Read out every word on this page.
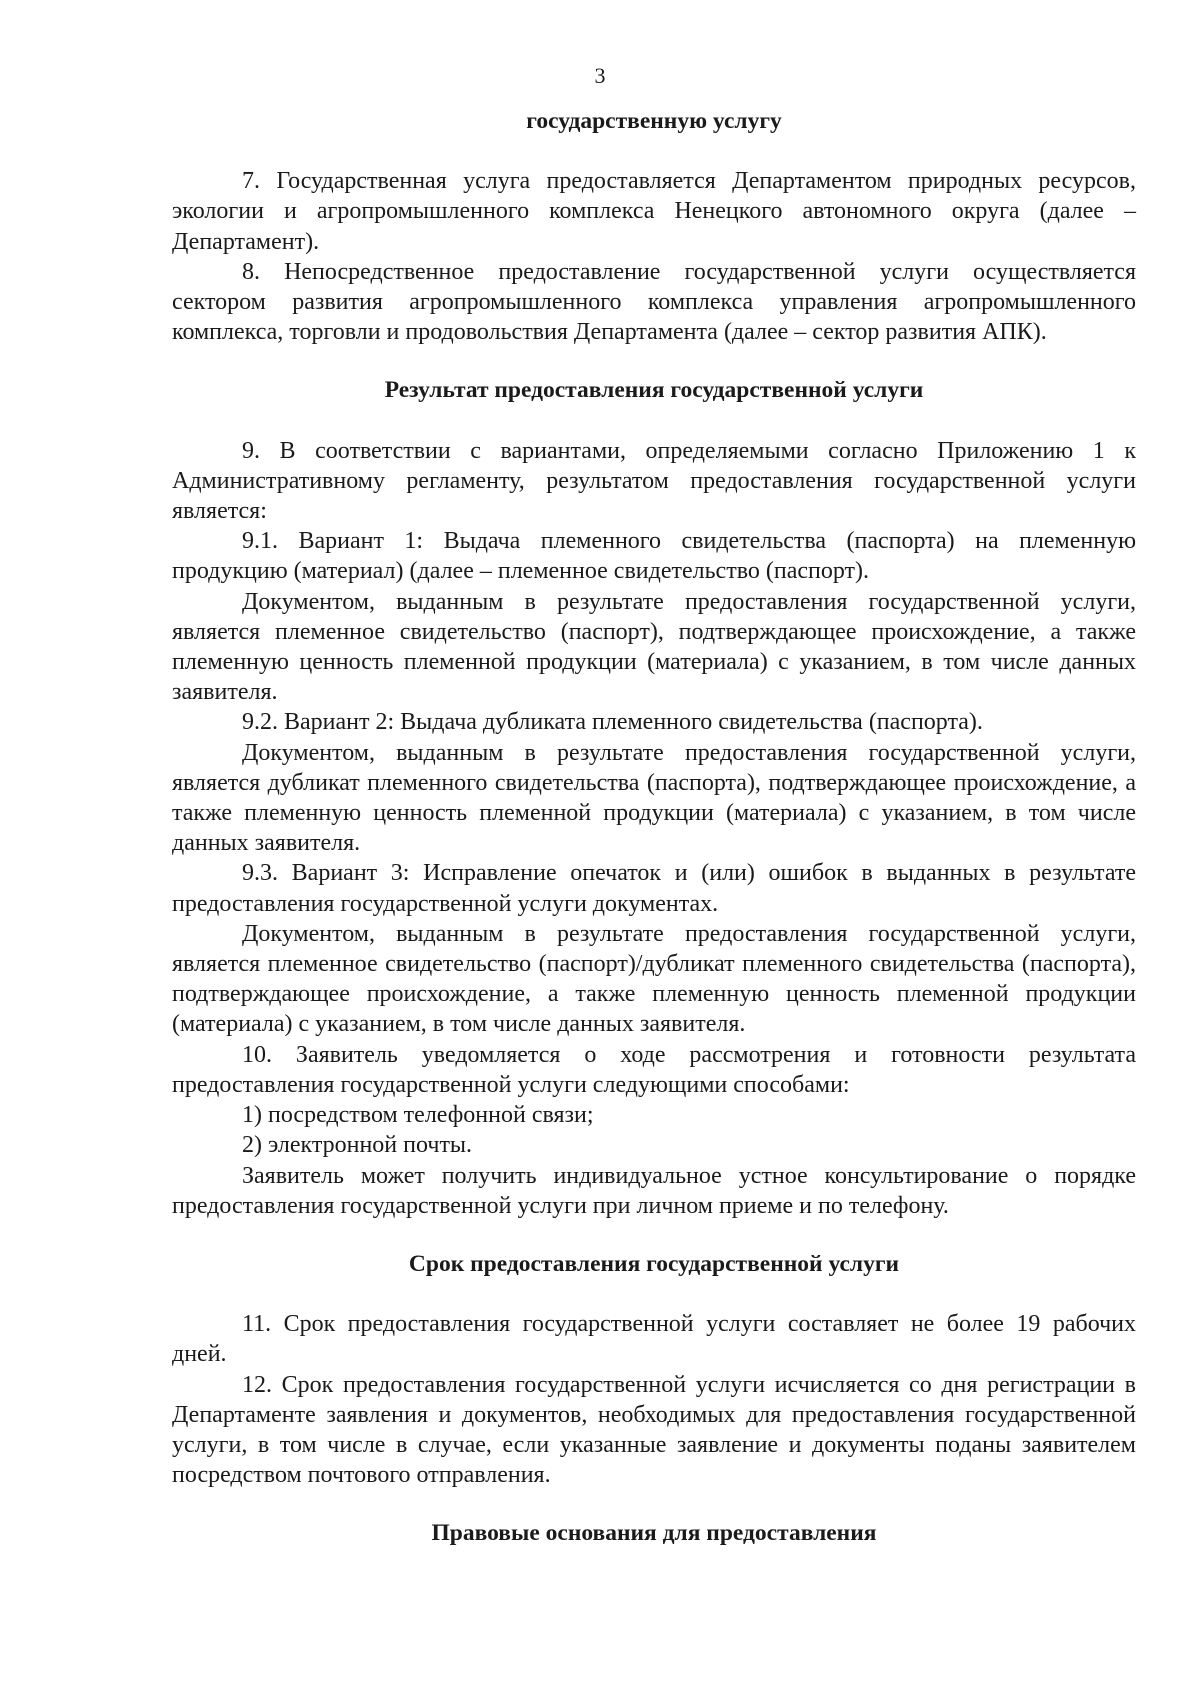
3

государственную услугу

7. Государственная услуга предоставляется Департаментом природных ресурсов, экологии и агропромышленного комплекса Ненецкого автономного округа (далее – Департамент).

8. Непосредственное предоставление государственной услуги осуществляется сектором развития агропромышленного комплекса управления агропромышленного комплекса, торговли и продовольствия Департамента (далее – сектор развития АПК).

Результат предоставления государственной услуги

9. В соответствии с вариантами, определяемыми согласно Приложению 1 к Административному регламенту, результатом предоставления государственной услуги является:

9.1. Вариант 1: Выдача племенного свидетельства (паспорта) на племенную продукцию (материал) (далее – племенное свидетельство (паспорт).

Документом, выданным в результате предоставления государственной услуги, является племенное свидетельство (паспорт), подтверждающее происхождение, а также племенную ценность племенной продукции (материала) с указанием, в том числе данных заявителя.

9.2. Вариант 2: Выдача дубликата племенного свидетельства (паспорта).

Документом, выданным в результате предоставления государственной услуги, является дубликат племенного свидетельства (паспорта), подтверждающее происхождение, а также племенную ценность племенной продукции (материала) с указанием, в том числе данных заявителя.

9.3. Вариант 3: Исправление опечаток и (или) ошибок в выданных в результате предоставления государственной услуги документах.

Документом, выданным в результате предоставления государственной услуги, является племенное свидетельство (паспорт)/дубликат племенного свидетельства (паспорта), подтверждающее происхождение, а также племенную ценность племенной продукции (материала) с указанием, в том числе данных заявителя.

10. Заявитель уведомляется о ходе рассмотрения и готовности результата предоставления государственной услуги следующими способами:

1) посредством телефонной связи;

2) электронной почты.

Заявитель может получить индивидуальное устное консультирование о порядке предоставления государственной услуги при личном приеме и по телефону.

Срок предоставления государственной услуги

11. Срок предоставления государственной услуги составляет не более 19 рабочих дней.

12. Срок предоставления государственной услуги исчисляется со дня регистрации в Департаменте заявления и документов, необходимых для предоставления государственной услуги, в том числе в случае, если указанные заявление и документы поданы заявителем посредством почтового отправления.

Правовые основания для предоставления
